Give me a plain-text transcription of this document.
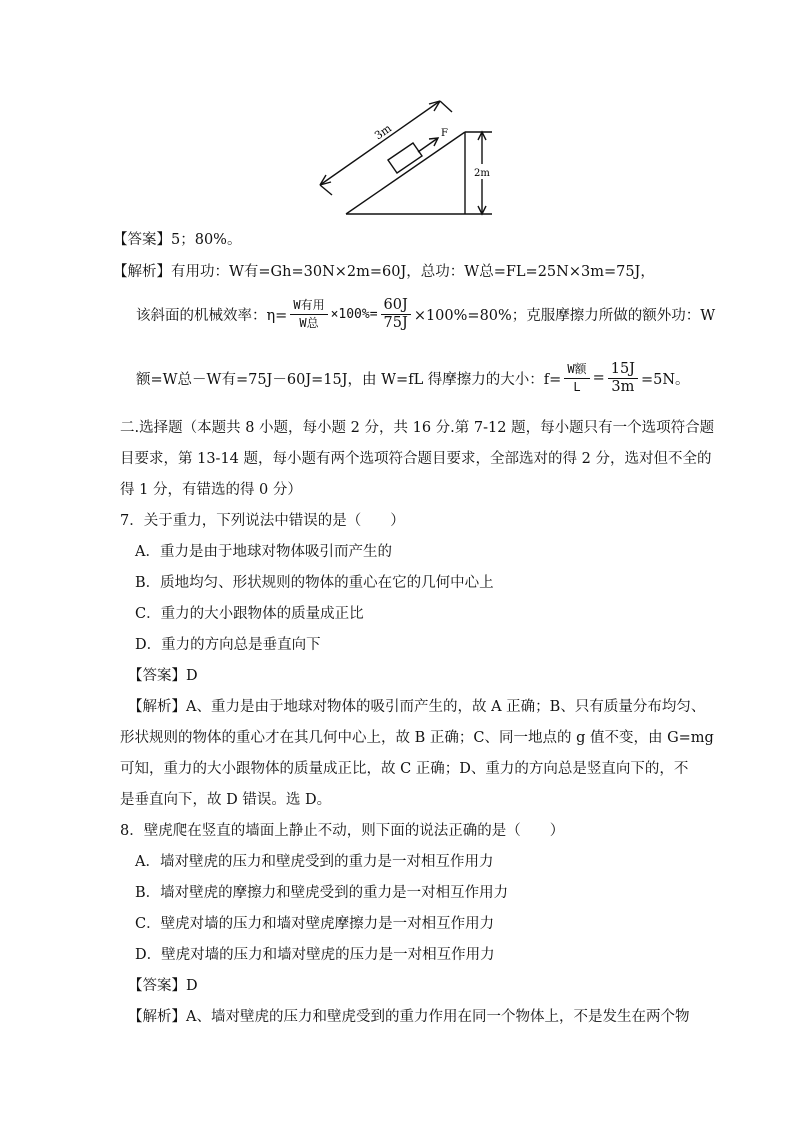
3m	F
2m
【答案】5；80%。
【解析】有用功：W有=Gh=30N×2m=60J，总功：W总=FL=25N×3m=75J，
该斜面的机械效率：$\eta= \frac{\text{W有用}}{\text{W总}} \times 100\%= \frac{60J}{75J} \times 100\%=80\%$；克服摩擦力所做的额外功：W
额=W总－W有=75J－60J=15J，由 W=fL 得摩擦力的大小：$f= \frac{\text{W额}}{L} = \frac{15J}{3m} =5N$。
二.选择题（本题共 8 小题，每小题 2 分，共 16 分.第 7-12 题，每小题只有一个选项符合题
目要求，第 13-14 题，每小题有两个选项符合题目要求，全部选对的得 2 分，选对但不全的
得 1 分，有错选的得 0 分）
7．关于重力，下列说法中错误的是（　　）
A．重力是由于地球对物体吸引而产生的
B．质地均匀、形状规则的物体的重心在它的几何中心上
C．重力的大小跟物体的质量成正比
D．重力的方向总是垂直向下
【答案】D
【解析】A、重力是由于地球对物体的吸引而产生的，故 A 正确；B、只有质量分布均匀、
形状规则的物体的重心才在其几何中心上，故 B 正确；C、同一地点的 g 值不变，由 G=mg
可知，重力的大小跟物体的质量成正比，故 C 正确；D、重力的方向总是竖直向下的，不
是垂直向下，故 D 错误。选 D。
8．壁虎爬在竖直的墙面上静止不动，则下面的说法正确的是（　　）
A．墙对壁虎的压力和壁虎受到的重力是一对相互作用力
B．墙对壁虎的摩擦力和壁虎受到的重力是一对相互作用力
C．壁虎对墙的压力和墙对壁虎摩擦力是一对相互作用力
D．壁虎对墙的压力和墙对壁虎的压力是一对相互作用力
【答案】D
【解析】A、墙对壁虎的压力和壁虎受到的重力作用在同一个物体上，不是发生在两个物
